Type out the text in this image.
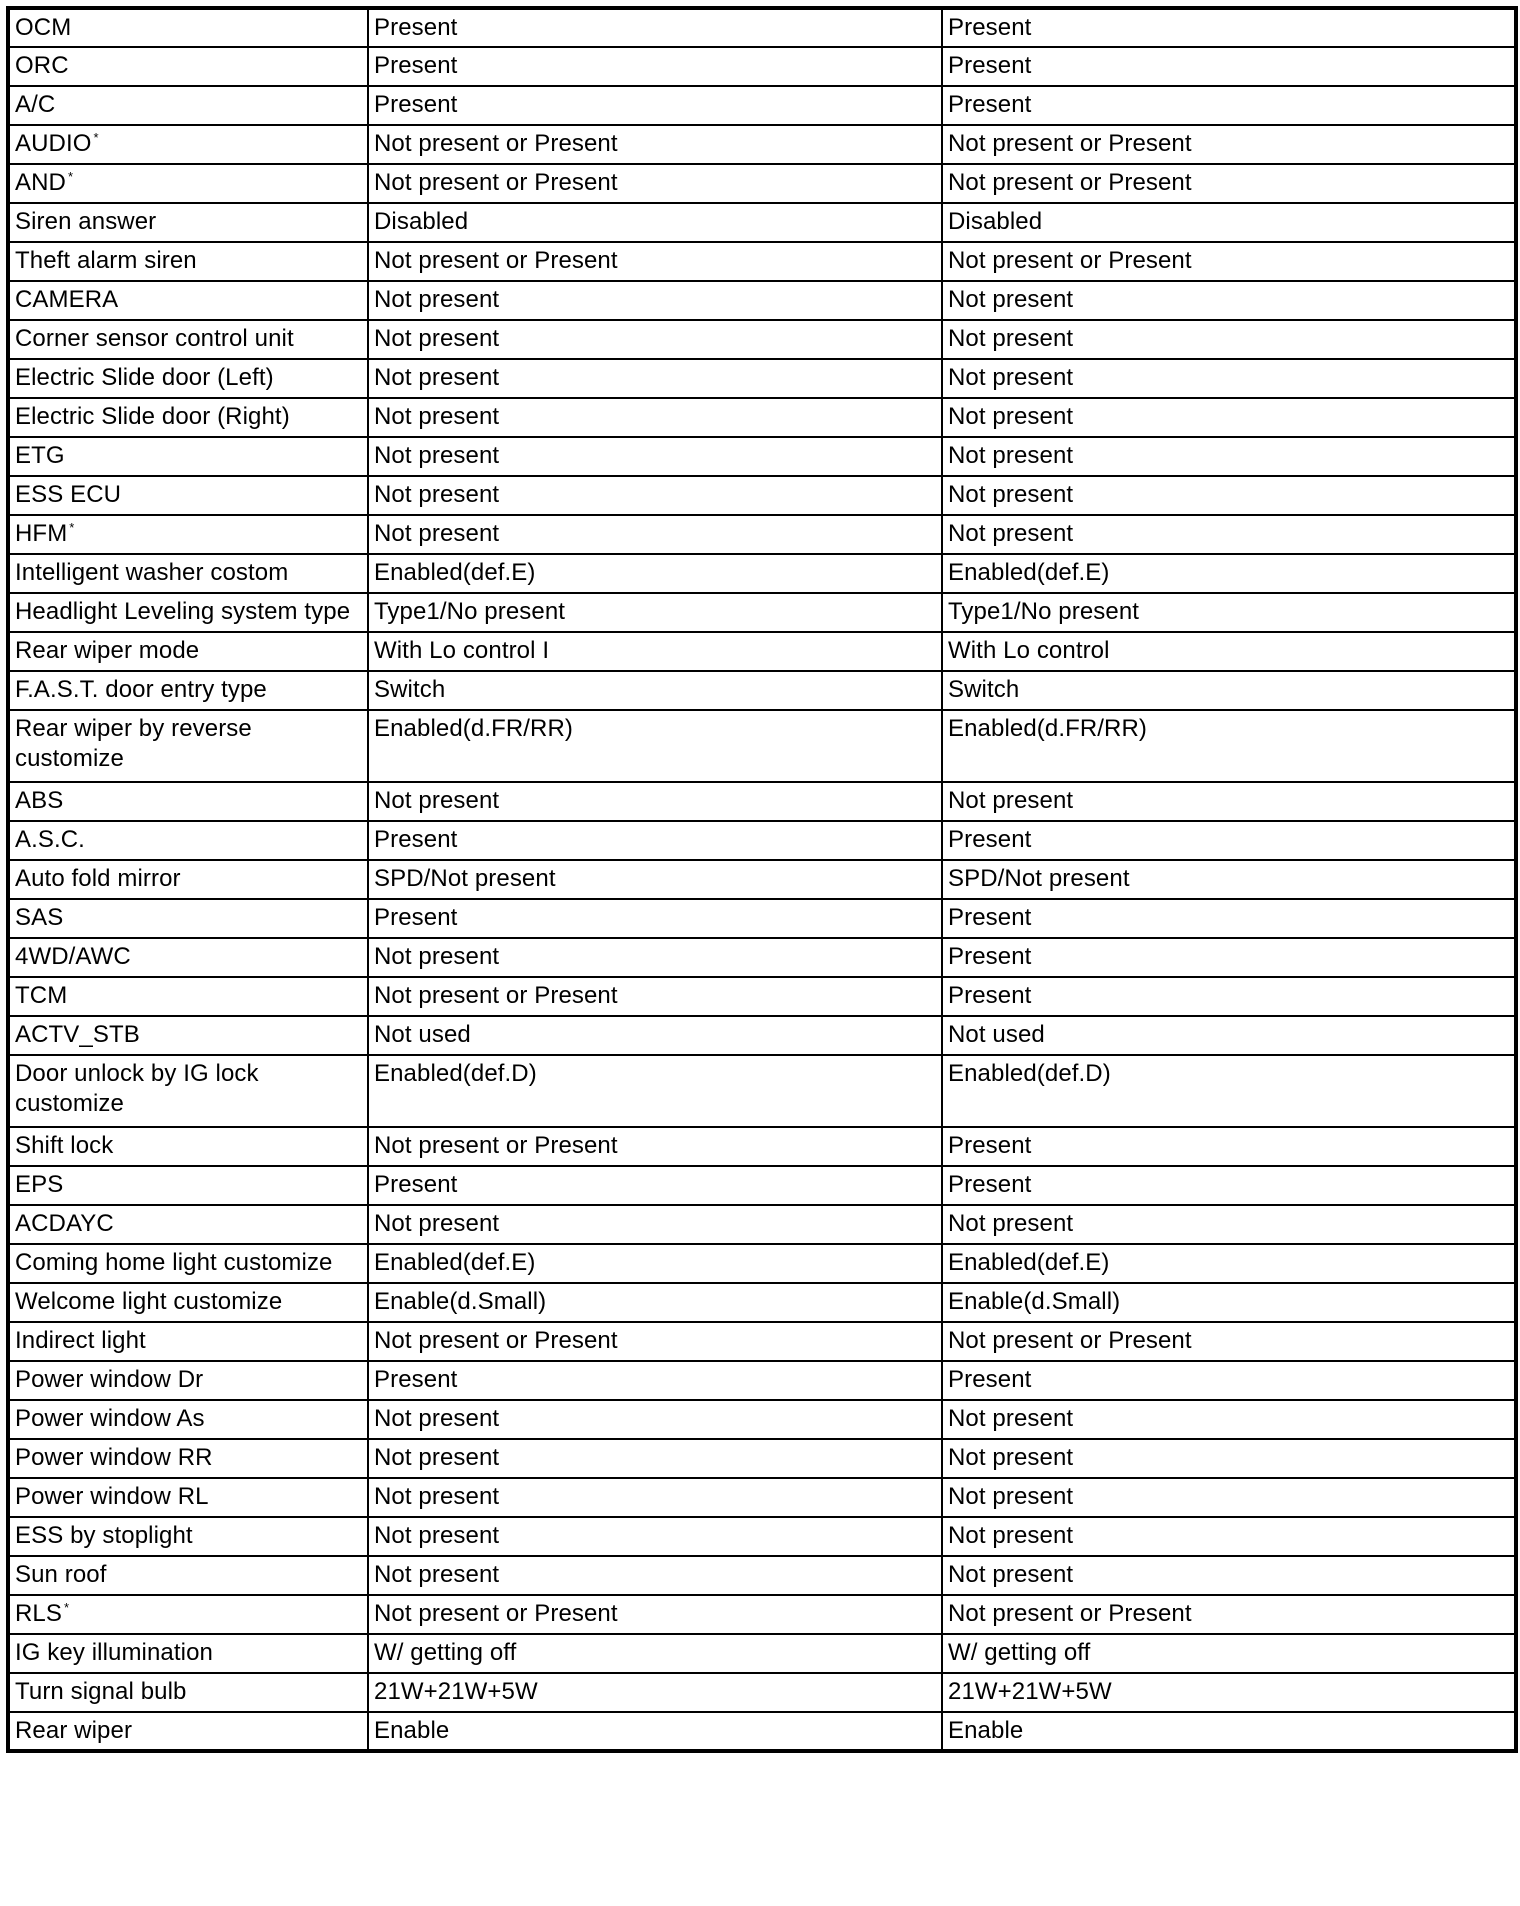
OCM	Present	Present
ORC	Present	Present
A/C	Present	Present
AUDIO *	Not present or Present	Not present or Present
AND *	Not present or Present	Not present or Present
Siren answer	Disabled	Disabled
Theft alarm siren	Not present or Present	Not present or Present
CAMERA	Not present	Not present
Corner sensor control unit	Not present	Not present
Electric Slide door (Left)	Not present	Not present
Electric Slide door (Right)	Not present	Not present
ETG	Not present	Not present
ESS ECU	Not present	Not present
HFM *	Not present	Not present
Intelligent washer costom	Enabled(def.E)	Enabled(def.E)
Headlight Leveling system type	Type1/No present	Type1/No present
Rear wiper mode	With Lo control I	With Lo control
F.A.S.T. door entry type	Switch	Switch
Rear wiper by reverse customize	Enabled(d.FR/RR)	Enabled(d.FR/RR)
ABS	Not present	Not present
A.S.C.	Present	Present
Auto fold mirror	SPD/Not present	SPD/Not present
SAS	Present	Present
4WD/AWC	Not present	Present
TCM	Not present or Present	Present
ACTV_STB	Not used	Not used
Door unlock by IG lock customize	Enabled(def.D)	Enabled(def.D)
Shift lock	Not present or Present	Present
EPS	Present	Present
ACDAYC	Not present	Not present
Coming home light customize	Enabled(def.E)	Enabled(def.E)
Welcome light customize	Enable(d.Small)	Enable(d.Small)
Indirect light	Not present or Present	Not present or Present
Power window Dr	Present	Present
Power window As	Not present	Not present
Power window RR	Not present	Not present
Power window RL	Not present	Not present
ESS by stoplight	Not present	Not present
Sun roof	Not present	Not present
RLS *	Not present or Present	Not present or Present
IG key illumination	W/ getting off	W/ getting off
Turn signal bulb	21W+21W+5W	21W+21W+5W
Rear wiper	Enable	Enable
